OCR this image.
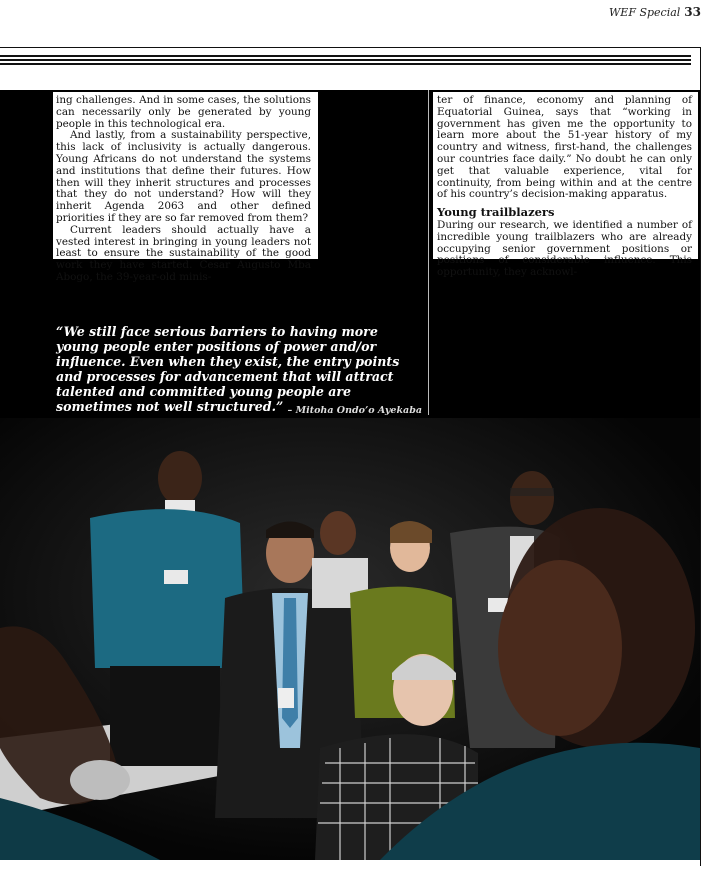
WEF Special 33

ing challenges. And in some cases, the solutions can necessarily only be generated by young people in this technological era.

And lastly, from a sustainability perspective, this lack of inclusivity is actually dangerous. Young Africans do not understand the systems and institutions that define their futures. How then will they inherit structures and processes that they do not understand? How will they inherit Agenda 2063 and other defined priorities if they are so far removed from them?

Current leaders should actually have a vested interest in bringing in young leaders not least to ensure the sustainability of the good work they have started. Cesar Augusto Mba Abogo, the 39-year-old minis-

ter of finance, economy and planning of Equatorial Guinea, says that “working in government has given me the opportunity to learn more about the 51-year history of my country and witness, first-hand, the challenges our countries face daily.” No doubt he can only get that valuable experience, vital for continuity, from being within and at the centre of his country’s decision-making apparatus.

Young trailblazers

During our research, we identified a number of incredible young trailblazers who are already occupying senior government positions or positions of considerable influence. This opportunity, they acknowl-

“We still face serious barriers to having more young people enter positions of power and/or influence. Even when they exist, the entry points and processes for advancement that will attract talented and committed young people are sometimes not well structured.” – Mitoha Ondo’o Ayekaba
